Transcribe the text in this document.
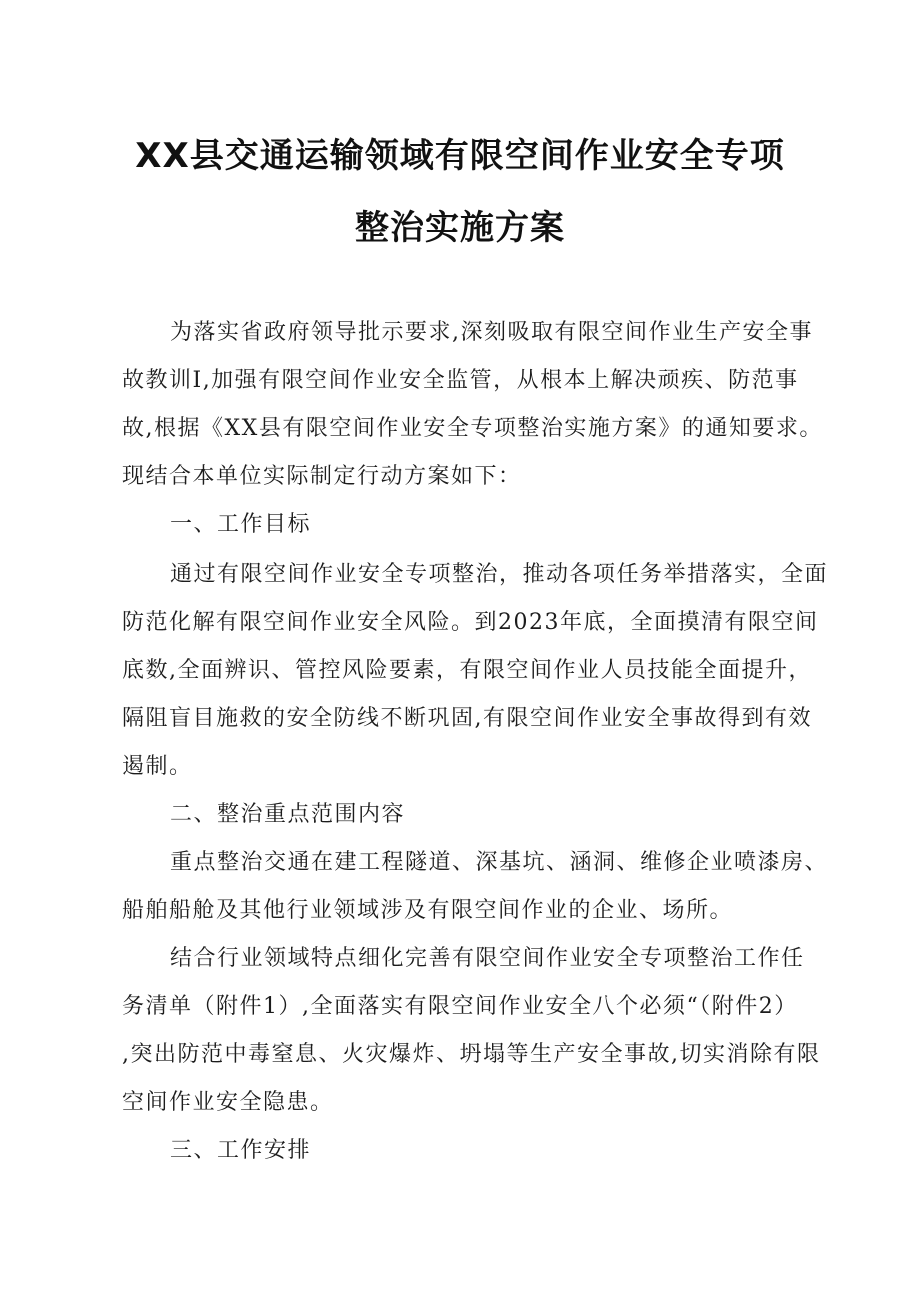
XX县交通运输领域有限空间作业安全专项
整治实施方案
为落实省政府领导批示要求,深刻吸取有限空间作业生产安全事
故教训I,加强有限空间作业安全监管，从根本上解决顽疾、防范事
故,根据《XX县有限空间作业安全专项整治实施方案》的通知要求。
现结合本单位实际制定行动方案如下：
一、工作目标
通过有限空间作业安全专项整治，推动各项任务举措落实，全面
防范化解有限空间作业安全风险。到2023年底，全面摸清有限空间
底数,全面辨识、管控风险要素，有限空间作业人员技能全面提升，
隔阻盲目施救的安全防线不断巩固,有限空间作业安全事故得到有效
遏制。
二、整治重点范围内容
重点整治交通在建工程隧道、深基坑、涵洞、维修企业喷漆房、
船舶船舱及其他行业领域涉及有限空间作业的企业、场所。
结合行业领域特点细化完善有限空间作业安全专项整治工作任
务清单（附件1）,全面落实有限空间作业安全八个必须“（附件2）
,突出防范中毒窒息、火灾爆炸、坍塌等生产安全事故,切实消除有限
空间作业安全隐患。
三、工作安排
